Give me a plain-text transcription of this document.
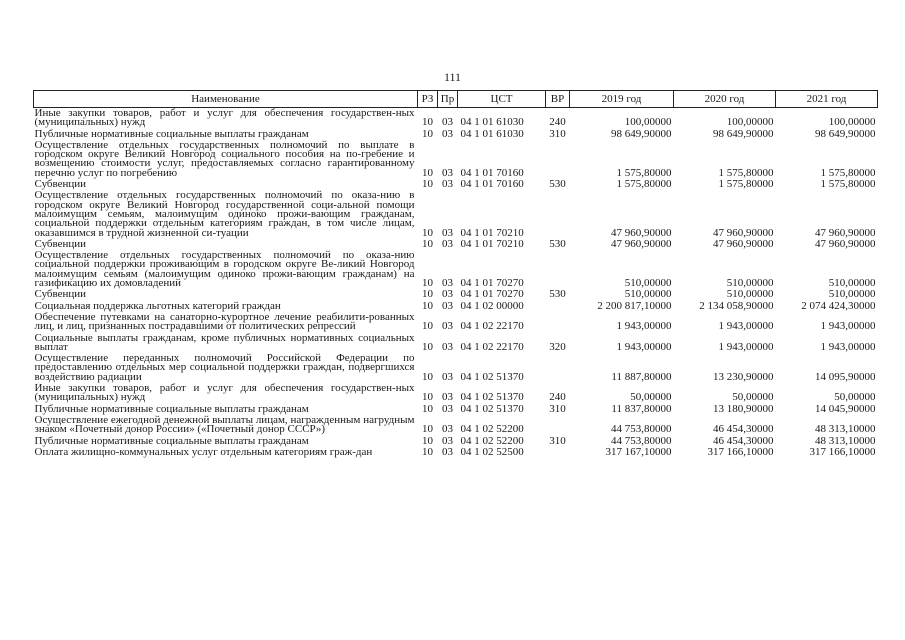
111
Наименование	РЗ	Пр	ЦСТ	ВР	2019 год	2020 год	2021 год
Иные закупки товаров, работ и услуг для обеспечения государствен-ных (муниципальных) нужд	10	03	04 1 01 61030	240	100,00000	100,00000	100,00000
Публичные нормативные социальные выплаты гражданам	10	03	04 1 01 61030	310	98 649,90000	98 649,90000	98 649,90000
Осуществление отдельных государственных полномочий по выплате в городском округе Великий Новгород социального пособия на по-гребение и возмещению стоимости услуг, предоставляемых согласно гарантированному перечню услуг по погребению	10	03	04 1 01 70160		1 575,80000	1 575,80000	1 575,80000
Субвенции	10	03	04 1 01 70160	530	1 575,80000	1 575,80000	1 575,80000
Осуществление отдельных государственных полномочий по оказа-нию в городском округе Великий Новгород государственной соци-альной помощи малоимущим семьям, малоимущим одиноко прожи-вающим гражданам, социальной поддержки отдельным категориям граждан, в том числе лицам, оказавшимся в трудной жизненной си-туации	10	03	04 1 01 70210		47 960,90000	47 960,90000	47 960,90000
Субвенции	10	03	04 1 01 70210	530	47 960,90000	47 960,90000	47 960,90000
Осуществление отдельных государственных полномочий по оказа-нию социальной поддержки проживающим в городском округе Ве-ликий Новгород малоимущим семьям (малоимущим одиноко прожи-вающим гражданам) на газификацию их домовладений	10	03	04 1 01 70270		510,00000	510,00000	510,00000
Субвенции	10	03	04 1 01 70270	530	510,00000	510,00000	510,00000
Социальная поддержка льготных категорий граждан	10	03	04 1 02 00000		2 200 817,10000	2 134 058,90000	2 074 424,30000
Обеспечение путевками на санаторно-курортное лечение реабилити-рованных лиц, и лиц, признанных пострадавшими от политических репрессий	10	03	04 1 02 22170		1 943,00000	1 943,00000	1 943,00000
Социальные выплаты гражданам, кроме публичных нормативных социальных выплат	10	03	04 1 02 22170	320	1 943,00000	1 943,00000	1 943,00000
Осуществление переданных полномочий Российской Федерации по предоставлению отдельных мер социальной поддержки граждан, подвергшихся воздействию радиации	10	03	04 1 02 51370		11 887,80000	13 230,90000	14 095,90000
Иные закупки товаров, работ и услуг для обеспечения государствен-ных (муниципальных) нужд	10	03	04 1 02 51370	240	50,00000	50,00000	50,00000
Публичные нормативные социальные выплаты гражданам	10	03	04 1 02 51370	310	11 837,80000	13 180,90000	14 045,90000
Осуществление ежегодной денежной выплаты лицам, награжденным нагрудным знаком «Почетный донор России» («Почетный донор СССР»)	10	03	04 1 02 52200		44 753,80000	46 454,30000	48 313,10000
Публичные нормативные социальные выплаты гражданам	10	03	04 1 02 52200	310	44 753,80000	46 454,30000	48 313,10000
Оплата жилищно-коммунальных услуг отдельным категориям граж-дан	10	03	04 1 02 52500		317 167,10000	317 166,10000	317 166,10000
